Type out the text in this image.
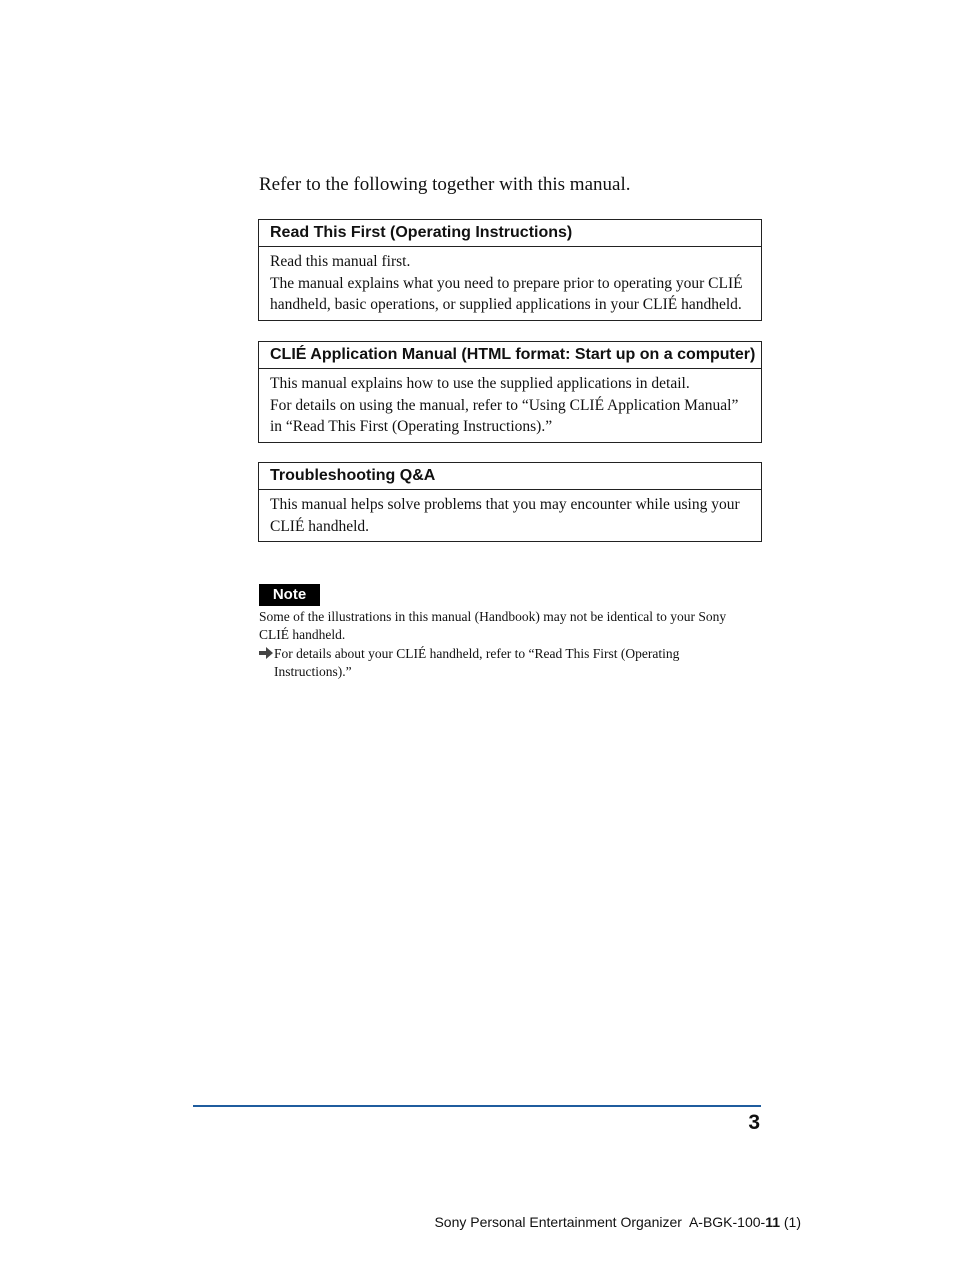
Refer to the following together with this manual.
Read This First (Operating Instructions)
Read this manual first.
The manual explains what you need to prepare prior to operating your CLIÉ
handheld, basic operations, or supplied applications in your CLIÉ handheld.
CLIÉ Application Manual (HTML format: Start up on a computer)
This manual explains how to use the supplied applications in detail.
For details on using the manual, refer to “Using CLIÉ Application Manual”
in “Read This First (Operating Instructions).”
Troubleshooting Q&A
This manual helps solve problems that you may encounter while using your
CLIÉ handheld.
Note
Some of the illustrations in this manual (Handbook) may not be identical to your Sony
CLIÉ handheld.
For details about your CLIÉ handheld, refer to “Read This First (Operating
Instructions).”
3
Sony Personal Entertainment Organizer A-BGK-100-11 (1)
